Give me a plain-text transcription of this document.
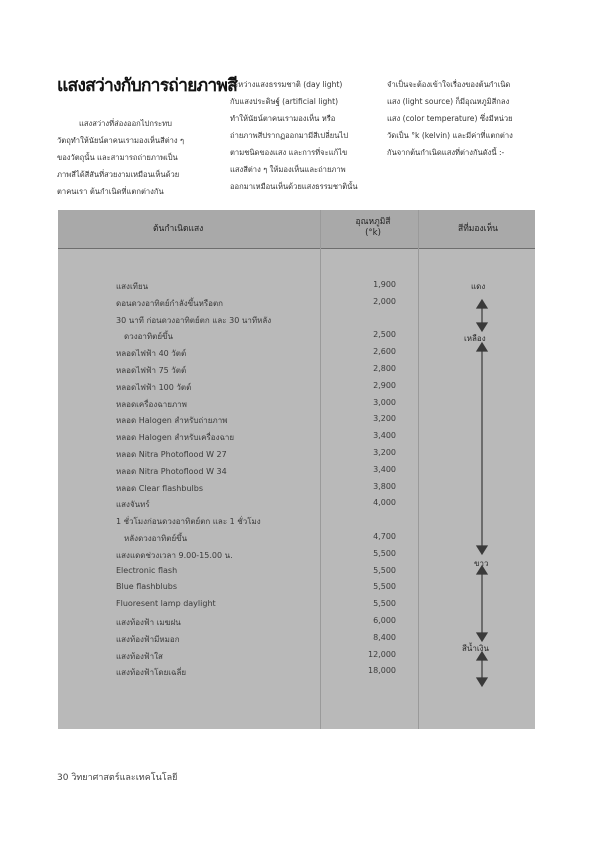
แสงสว่างกับการถ่ายภาพสี

แสงสว่างที่ส่องออกไปกระทบ

วัตถุทำให้นัยน์ตาคนเรามองเห็นสีต่าง ๆ

ของวัตถุนั้น และสามารถถ่ายภาพเป็น

ภาพสีได้สีสันที่สวยงามเหมือนเห็นด้วย

ตาคนเรา ต้นกำเนิดที่แตกต่างกัน

ระหว่างแสงธรรมชาติ (day light)

กับแสงประดิษฐ์ (artificial light)

ทำให้นัยน์ตาคนเรามองเห็น หรือ

ถ่ายภาพสีปรากฏออกมามีสีเปลี่ยนไป

ตามชนิดของแสง และการที่จะแก้ไข

แสงสีต่าง ๆ ให้มองเห็นและถ่ายภาพ

ออกมาเหมือนเห็นด้วยแสงธรรมชาตินั้น

จำเป็นจะต้องเข้าใจเรื่องของต้นกำเนิด

แสง (light source) ก็มีอุณหภูมิสีกลง

แสง (color temperature) ซึ่งมีหน่วย

วัดเป็น °k (kelvin) และมีค่าที่แตกต่าง

กันจากต้นกำเนิดแสงที่ต่างกันดังนี้ :-

ต้นกำเนิดแสง
อุณหภูมิสี
(°k)	สีที่มองเห็น
แสงเทียน	1,900
ดอนดวงอาทิตย์กำลังขึ้นหรือตก	2,000
30 นาที ก่อนดวงอาทิตย์ตก และ 30 นาทีหลัง
ดวงอาทิตย์ขึ้น	2,500
หลอดไฟฟ้า 40 วัตต์	2,600
หลอดไฟฟ้า 75 วัตต์	2,800
หลอดไฟฟ้า 100 วัตต์	2,900
หลอดเครื่องฉายภาพ	3,000
หลอด Halogen สำหรับถ่ายภาพ	3,200
หลอด Halogen สำหรับเครื่องฉาย	3,400
หลอด Nitra Photoflood W 27	3,200
หลอด Nitra Photoflood W 34	3,400
หลอด Clear flashbulbs	3,800
แสงจันทร์	4,000
1 ชั่วโมงก่อนดวงอาทิตย์ตก และ 1 ชั่วโมง
หลังดวงอาทิตย์ขึ้น	4,700
แสงแดดช่วงเวลา 9.00-15.00 น.	5,500
Electronic flash	5,500
Blue flashblubs	5,500
Fluoresent lamp daylight	5,500
แสงท้องฟ้า เมฆฝน	6,000
แสงท้องฟ้ามีหมอก	8,400
แสงท้องฟ้าใส	12,000
แสงท้องฟ้าโดยเฉลี่ย	18,000
แดง
เหลือง
ขาว
สีน้ำเงิน
30 วิทยาศาสตร์และเทคโนโลยี
